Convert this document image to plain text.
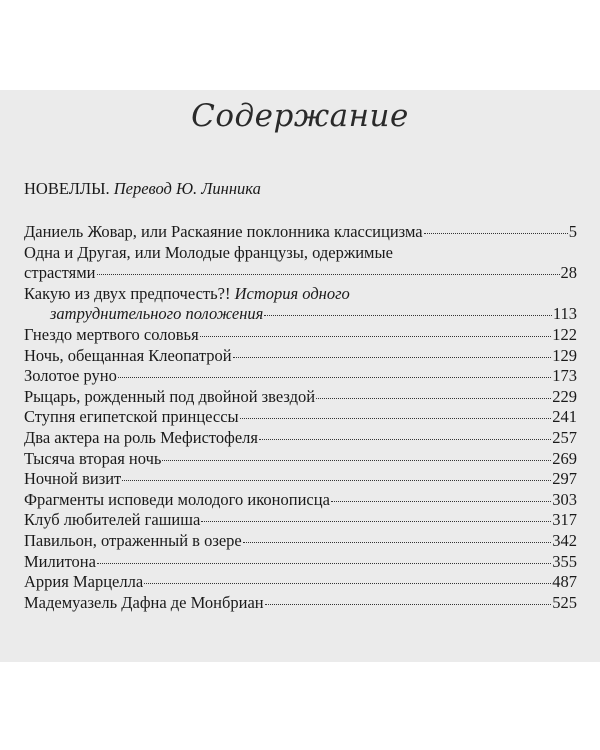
Содержание
НОВЕЛЛЫ. Перевод Ю. Линника
Даниель Жовар, или Раскаяние поклонника классицизма	5
Одна и Другая, или Молодые французы, одержимые
страстями	28
Какую из двух предпочесть?! История одного
затруднительного положения	113
Гнездо мертвого соловья	122
Ночь, обещанная Клеопатрой	129
Золотое руно	173
Рыцарь, рожденный под двойной звездой	229
Ступня египетской принцессы	241
Два актера на роль Мефистофеля	257
Тысяча вторая ночь	269
Ночной визит	297
Фрагменты исповеди молодого иконописца	303
Клуб любителей гашиша	317
Павильон, отраженный в озере	342
Милитона	355
Аррия Марцелла	487
Мадемуазель Дафна де Монбриан	525
